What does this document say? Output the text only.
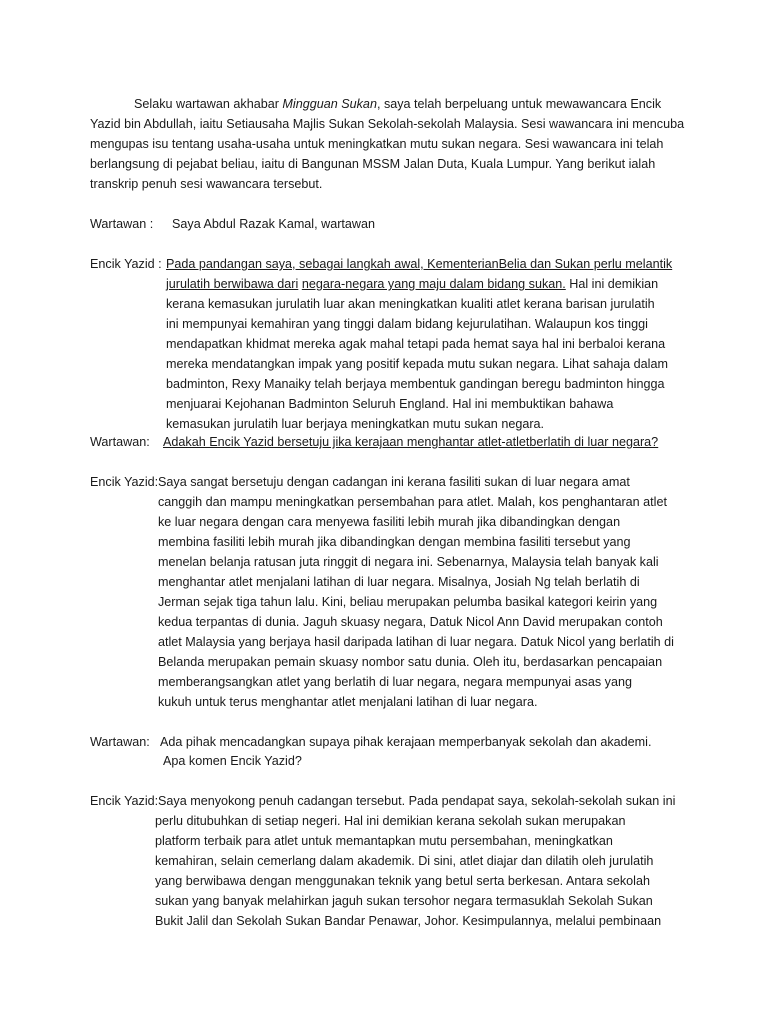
Selaku wartawan akhabar Mingguan Sukan, saya telah berpeluang untuk mewawancara Encik
Yazid bin Abdullah, iaitu Setiausaha Majlis Sukan Sekolah-sekolah Malaysia. Sesi wawancara ini mencuba
mengupas isu tentang usaha-usaha untuk meningkatkan mutu sukan negara. Sesi wawancara ini telah
berlangsung di pejabat beliau, iaitu di Bangunan MSSM Jalan Duta, Kuala Lumpur. Yang berikut ialah
transkrip penuh sesi wawancara tersebut.
Wartawan : Saya Abdul Razak Kamal, wartawan
Encik Yazid : Pada pandangan saya, sebagai langkah awal, KementerianBelia dan Sukan perlu melantik
jurulatih berwibawa dari negara-negara yang maju dalam bidang sukan. Hal ini demikian
kerana kemasukan jurulatih luar akan meningkatkan kualiti atlet kerana barisan jurulatih
ini mempunyai kemahiran yang tinggi dalam bidang kejurulatihan. Walaupun kos tinggi
mendapatkan khidmat mereka agak mahal tetapi pada hemat saya hal ini berbaloi kerana
mereka mendatangkan impak yang positif kepada mutu sukan negara. Lihat sahaja dalam
badminton, Rexy Manaiky telah berjaya membentuk gandingan beregu badminton hingga
menjuarai Kejohanan Badminton Seluruh England. Hal ini membuktikan bahawa
kemasukan jurulatih luar berjaya meningkatkan mutu sukan negara.
Wartawan: Adakah Encik Yazid bersetuju jika kerajaan menghantar atlet-atletberlatih di luar negara?
Encik Yazid: Saya sangat bersetuju dengan cadangan ini kerana fasiliti sukan di luar negara amat
canggih dan mampu meningkatkan persembahan para atlet. Malah, kos penghantaran atlet
ke luar negara dengan cara menyewa fasiliti lebih murah jika dibandingkan dengan
membina fasiliti lebih murah jika dibandingkan dengan membina fasiliti tersebut yang
menelan belanja ratusan juta ringgit di negara ini. Sebenarnya, Malaysia telah banyak kali
menghantar atlet menjalani latihan di luar negara. Misalnya, Josiah Ng telah berlatih di
Jerman sejak tiga tahun lalu. Kini, beliau merupakan pelumba basikal kategori keirin yang
kedua terpantas di dunia. Jaguh skuasy negara, Datuk Nicol Ann David merupakan contoh
atlet Malaysia yang berjaya hasil daripada latihan di luar negara. Datuk Nicol yang berlatih di
Belanda merupakan pemain skuasy nombor satu dunia. Oleh itu, berdasarkan pencapaian
memberangsangkan atlet yang berlatih di luar negara, negara mempunyai asas yang
kukuh untuk terus menghantar atlet menjalani latihan di luar negara.
Wartawan: Ada pihak mencadangkan supaya pihak kerajaan memperbanyak sekolah dan akademi.
Apa komen Encik Yazid?
Encik Yazid: Saya menyokong penuh cadangan tersebut. Pada pendapat saya, sekolah-sekolah sukan ini
perlu ditubuhkan di setiap negeri. Hal ini demikian kerana sekolah sukan merupakan
platform terbaik para atlet untuk memantapkan mutu persembahan, meningkatkan
kemahiran, selain cemerlang dalam akademik. Di sini, atlet diajar dan dilatih oleh jurulatih
yang berwibawa dengan menggunakan teknik yang betul serta berkesan. Antara sekolah
sukan yang banyak melahirkan jaguh sukan tersohor negara termasuklah Sekolah Sukan
Bukit Jalil dan Sekolah Sukan Bandar Penawar, Johor. Kesimpulannya, melalui pembinaan
